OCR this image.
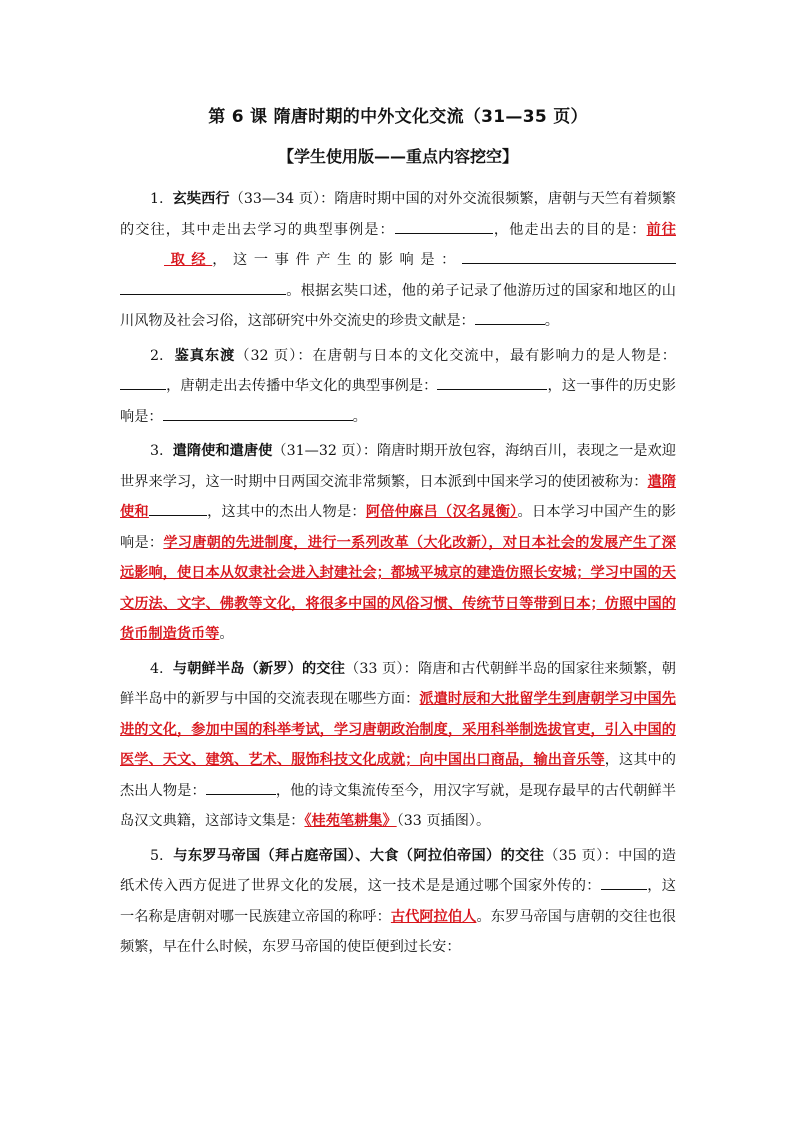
第 6 课 隋唐时期的中外文化交流（31—35 页）
【学生使用版——重点内容挖空】

1. 玄奘西行（33—34 页）：隋唐时期中国的对外交流很频繁，唐朝与天竺有着频繁的交往，其中走出去学习的典型事例是：	，他走出去的目的是：前往取经，这一事件产生的影响是：。根据玄奘口述，他的弟子记录了他游历过的国家和地区的山川风物及社会习俗，这部研究中外交流史的珍贵文献是：	。

2. 鉴真东渡（32 页）：在唐朝与日本的文化交流中，最有影响力的是人物是：，唐朝走出去传播中华文化的典型事例是：	，这一事件的历史影响是：	。

3. 遣隋使和遣唐使（31—32 页）：隋唐时期开放包容，海纳百川，表现之一是欢迎世界来学习，这一时期中日两国交流非常频繁，日本派到中国来学习的使团被称为：遣隋使和	，这其中的杰出人物是：阿倍仲麻吕（汉名晁衡）。日本学习中国产生的影响是：学习唐朝的先进制度，进行一系列改革（大化改新），对日本社会的发展产生了深远影响，使日本从奴隶社会进入封建社会；都城平城京的建造仿照长安城；学习中国的天文历法、文字、佛教等文化，将很多中国的风俗习惯、传统节日等带到日本；仿照中国的货币制造货币等。

4. 与朝鲜半岛（新罗）的交往（33 页）：隋唐和古代朝鲜半岛的国家往来频繁，朝鲜半岛中的新罗与中国的交流表现在哪些方面：派遣时辰和大批留学生到唐朝学习中国先进的文化，参加中国的科举考试，学习唐朝政治制度，采用科举制选拔官吏，引入中国的医学、天文、建筑、艺术、服饰科技文化成就；向中国出口商品，输出音乐等，这其中的杰出人物是：	，他的诗文集流传至今，用汉字写就，是现存最早的古代朝鲜半岛汉文典籍，这部诗文集是：《桂苑笔耕集》（33 页插图）。

5. 与东罗马帝国（拜占庭帝国）、大食（阿拉伯帝国）的交往（35 页）：中国的造纸术传入西方促进了世界文化的发展，这一技术是是通过哪个国家外传的：	，这一名称是唐朝对哪一民族建立帝国的称呼：古代阿拉伯人。东罗马帝国与唐朝的交往也很频繁，早在什么时候，东罗马帝国的使臣便到过长安：
